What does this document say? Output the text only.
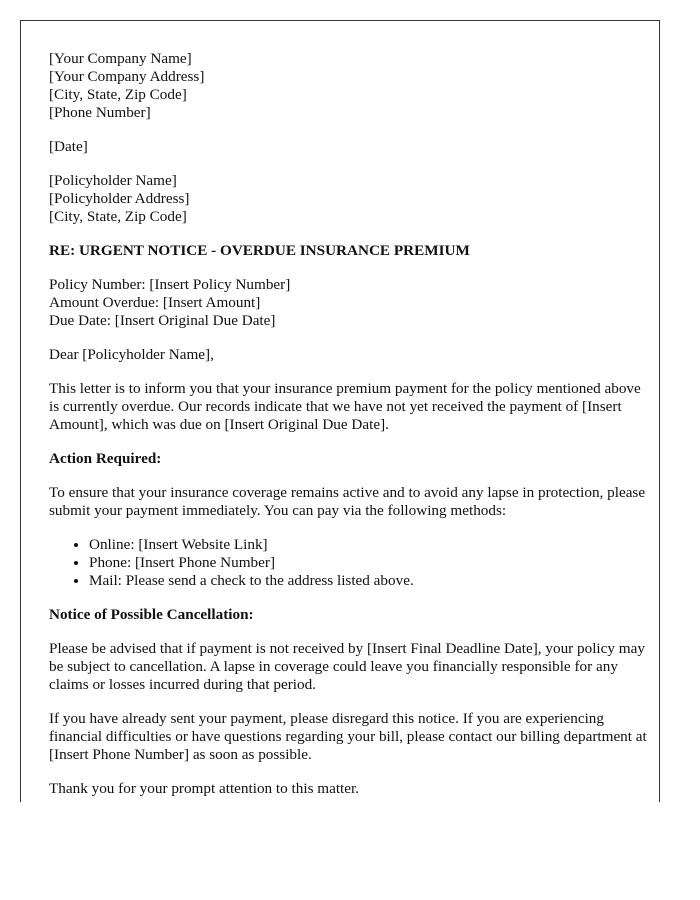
[Your Company Name]
[Your Company Address]
[City, State, Zip Code]
[Phone Number]
[Date]
[Policyholder Name]
[Policyholder Address]
[City, State, Zip Code]
RE: URGENT NOTICE - OVERDUE INSURANCE PREMIUM
Policy Number: [Insert Policy Number]
Amount Overdue: [Insert Amount]
Due Date: [Insert Original Due Date]

Dear [Policyholder Name],

This letter is to inform you that your insurance premium payment for the policy mentioned above is currently overdue. Our records indicate that we have not yet received the payment of [Insert Amount], which was due on [Insert Original Due Date].

Action Required:

To ensure that your insurance coverage remains active and to avoid any lapse in protection, please submit your payment immediately. You can pay via the following methods:

• Online: [Insert Website Link]
• Phone: [Insert Phone Number]
• Mail: Please send a check to the address listed above.

Notice of Possible Cancellation:

Please be advised that if payment is not received by [Insert Final Deadline Date], your policy may be subject to cancellation. A lapse in coverage could leave you financially responsible for any claims or losses incurred during that period.

If you have already sent your payment, please disregard this notice. If you are experiencing financial difficulties or have questions regarding your bill, please contact our billing department at [Insert Phone Number] as soon as possible.

Thank you for your prompt attention to this matter.
